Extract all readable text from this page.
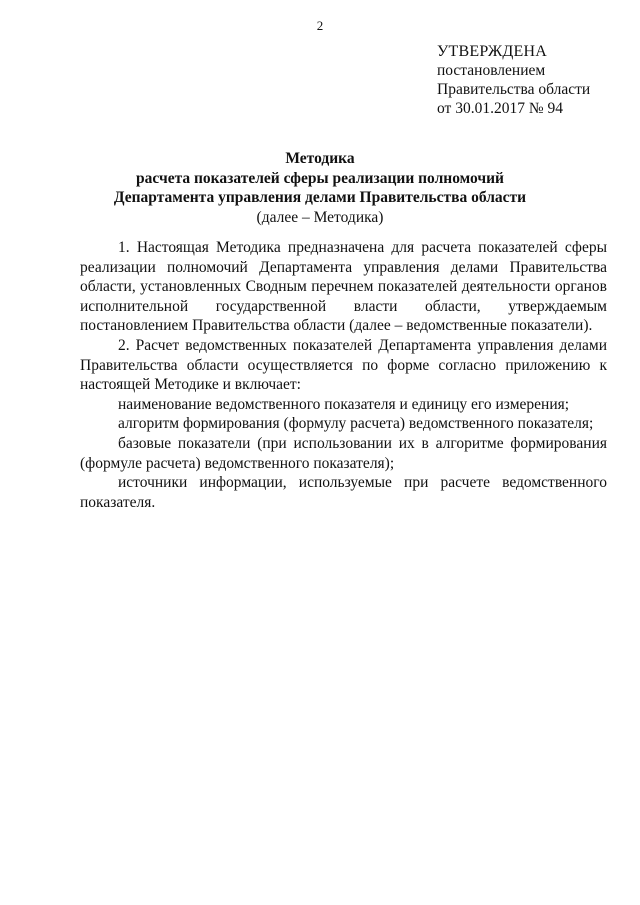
2
УТВЕРЖДЕНА
постановлением
Правительства области
от 30.01.2017 № 94
Методика
расчета показателей сферы реализации полномочий
Департамента управления делами Правительства области
(далее – Методика)

1. Настоящая Методика предназначена для расчета показателей сферы реализации полномочий Департамента управления делами Правительства области, установленных Сводным перечнем показателей деятельности органов исполнительной государственной власти области, утверждаемым постановлением Правительства области (далее – ведомственные показатели).

2. Расчет ведомственных показателей Департамента управления делами Правительства области осуществляется по форме согласно приложению к настоящей Методике и включает:

наименование ведомственного показателя и единицу его измерения;

алгоритм формирования (формулу расчета) ведомственного показателя;

базовые показатели (при использовании их в алгоритме формирования (формуле расчета) ведомственного показателя);

источники информации, используемые при расчете ведомственного показателя.
